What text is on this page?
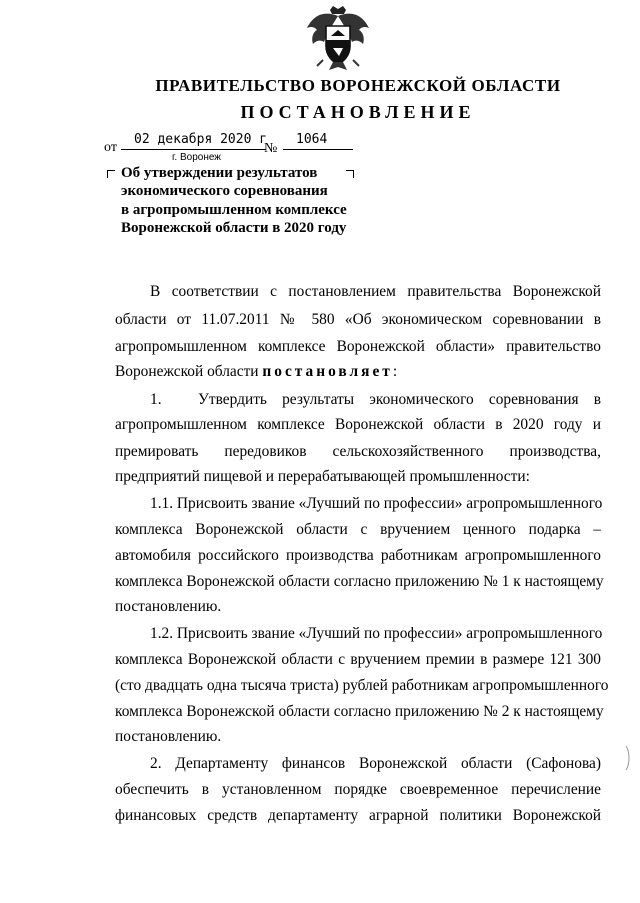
ПРАВИТЕЛЬСТВО ВОРОНЕЖСКОЙ ОБЛАСТИ
ПОСТАНОВЛЕНИЕ
от
02 декабря 2020 г
№
1064
г. Воронеж
Об утверждении результатов
экономического соревнования
в агропромышленном комплексе
Воронежской области в 2020 году
В соответствии с постановлением правительства Воронежской
области от 11.07.2011 № 580 «Об экономическом соревновании в
агропромышленном комплексе Воронежской области» правительство
Воронежской области постановляет:
1. Утвердить результаты экономического соревнования в
агропромышленном комплексе Воронежской области в 2020 году и
премировать передовиков сельскохозяйственного производства,
предприятий пищевой и перерабатывающей промышленности:
1.1. Присвоить звание «Лучший по профессии» агропромышленного
комплекса Воронежской области с вручением ценного подарка –
автомобиля российского производства работникам агропромышленного
комплекса Воронежской области согласно приложению № 1 к настоящему
постановлению.
1.2. Присвоить звание «Лучший по профессии» агропромышленного
комплекса Воронежской области с вручением премии в размере 121 300
(сто двадцать одна тысяча триста) рублей работникам агропромышленного
комплекса Воронежской области согласно приложению № 2 к настоящему
постановлению.
2. Департаменту финансов Воронежской области (Сафонова)
обеспечить в установленном порядке своевременное перечисление
финансовых средств департаменту аграрной политики Воронежской
